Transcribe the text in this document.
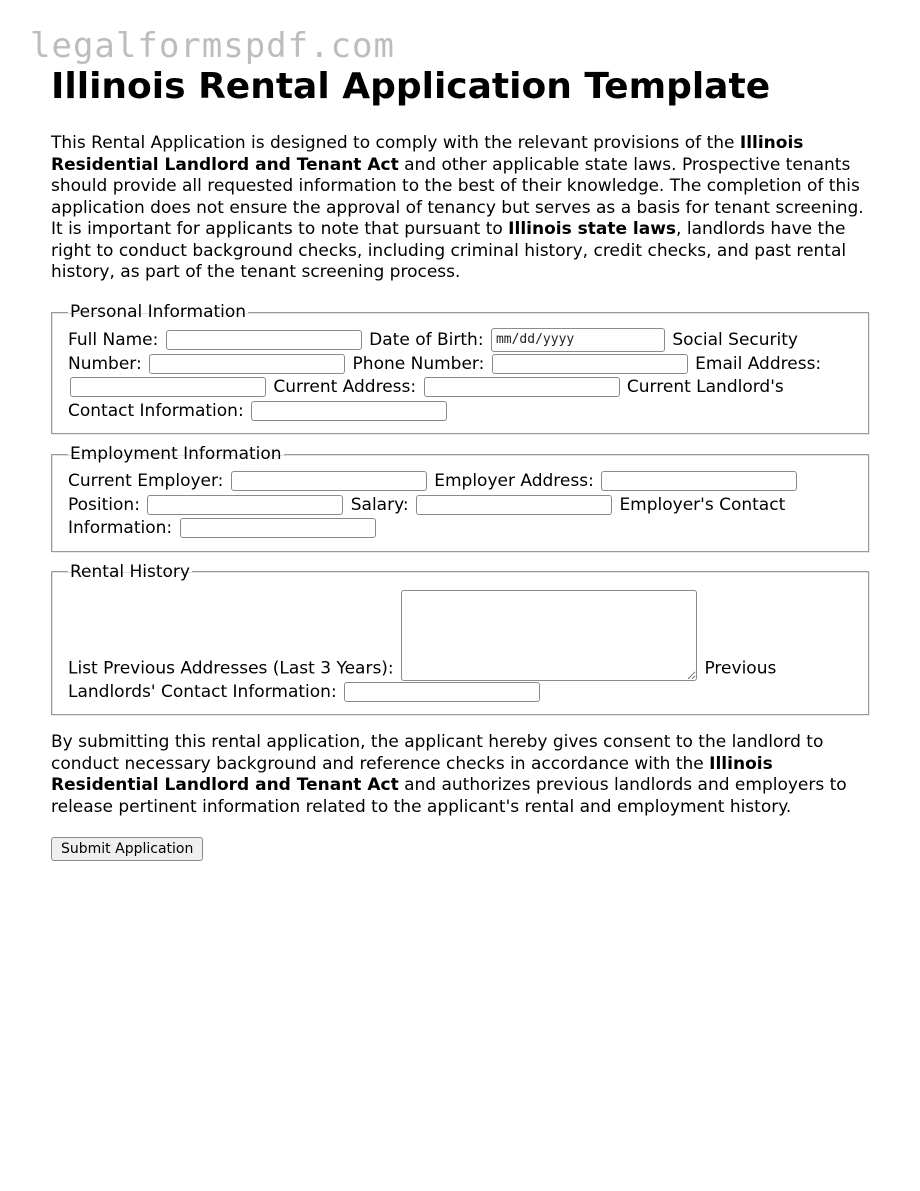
legalformspdf.com
Illinois Rental Application Template

This Rental Application is designed to comply with the relevant provisions of the Illinois Residential Landlord and Tenant Act and other applicable state laws. Prospective tenants should provide all requested information to the best of their knowledge. The completion of this application does not ensure the approval of tenancy but serves as a basis for tenant screening. It is important for applicants to note that pursuant to Illinois state laws, landlords have the right to conduct background checks, including criminal history, credit checks, and past rental history, as part of the tenant screening process.

Personal Information
Full Name:	Date of Birth: mm/dd/yyyy	Social Security Number:	Phone Number:	Email Address:  Current Address:	Current Landlord's Contact Information:
Employment Information
Current Employer:	Employer Address:  Position:	Salary:	Employer's Contact Information:
Rental History
List Previous Addresses (Last 3 Years):	Previous Landlords' Contact Information:

By submitting this rental application, the applicant hereby gives consent to the landlord to conduct necessary background and reference checks in accordance with the Illinois Residential Landlord and Tenant Act and authorizes previous landlords and employers to release pertinent information related to the applicant's rental and employment history.

Submit Application
